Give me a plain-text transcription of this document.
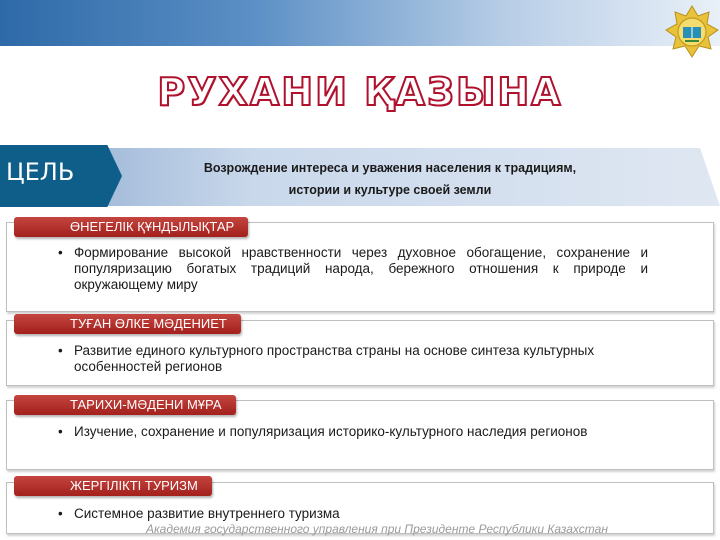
РУХАНИ ҚАЗЫНА
ЦЕЛЬ	Возрождение интереса и уважения населения к традициям,
истории и культуре своей земли
ӨНЕГЕЛІК ҚҰНДЫЛЫҚТАР
• Формирование высокой нравственности через духовное обогащение, сохранение и популяризацию богатых традиций народа, бережного отношения к природе и окружающему миру
ТУҒАН ӨЛКЕ МӘДЕНИЕТ
• Развитие единого культурного пространства страны на основе синтеза культурных особенностей регионов
ТАРИХИ-МӘДЕНИ МҰРА
• Изучение, сохранение и популяризация историко-культурного наследия регионов
ЖЕРГІЛІКТІ ТУРИЗМ
• Системное развитие внутреннего туризма
Академия государственного управления при Президенте Республики Казахстан
